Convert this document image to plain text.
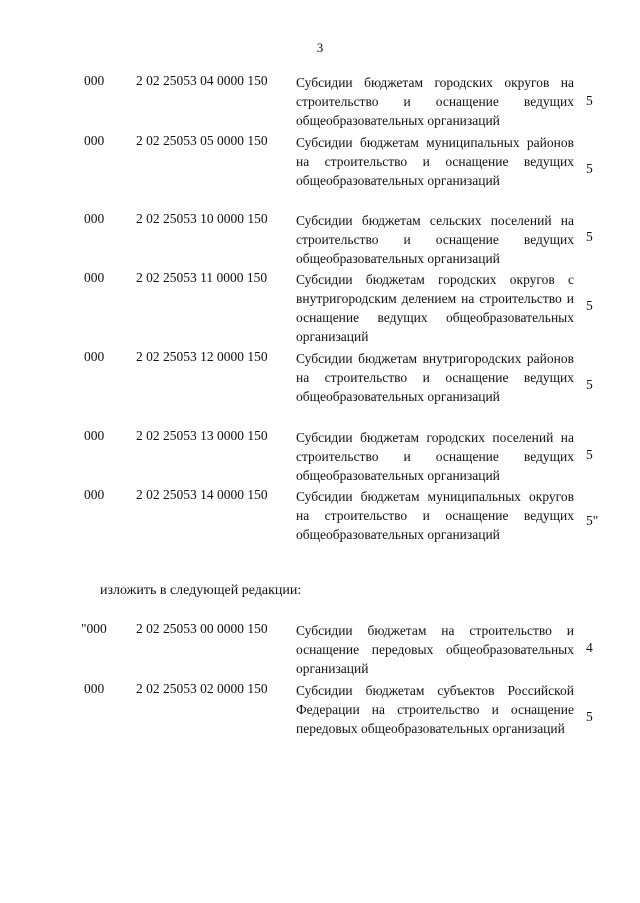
3
000 2 02 25053 04 0000 150 Субсидии бюджетам городских округов на строительство и оснащение ведущих общеобразовательных организаций
5
000 2 02 25053 05 0000 150 Субсидии бюджетам муниципальных районов на строительство и оснащение ведущих общеобразовательных организаций
5
000 2 02 25053 10 0000 150 Субсидии бюджетам сельских поселений на строительство и оснащение ведущих общеобразовательных организаций
5
000 2 02 25053 11 0000 150 Субсидии бюджетам городских округов с внутригородским делением на строительство и оснащение ведущих общеобразовательных организаций
5
000 2 02 25053 12 0000 150 Субсидии бюджетам внутригородских районов на строительство и оснащение ведущих общеобразовательных организаций
5
000 2 02 25053 13 0000 150 Субсидии бюджетам городских поселений на строительство и оснащение ведущих общеобразовательных организаций
5
000 2 02 25053 14 0000 150 Субсидии бюджетам муниципальных округов на строительство и оснащение ведущих общеобразовательных организаций
5"
изложить в следующей редакции:
"000 2 02 25053 00 0000 150 Субсидии бюджетам на строительство и оснащение передовых общеобразовательных организаций
4
000 2 02 25053 02 0000 150 Субсидии бюджетам субъектов Российской Федерации на строительство и оснащение передовых общеобразовательных организаций
5
